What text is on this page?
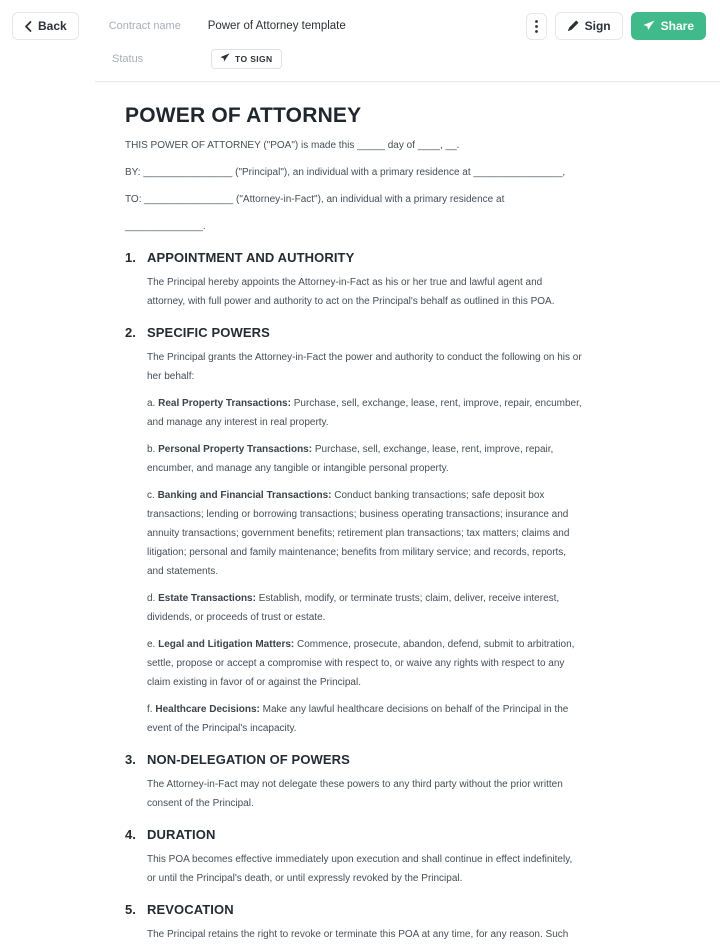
Back	Contract name	Power of Attorney template	Sign	Share
Status	TO SIGN
POWER OF ATTORNEY

THIS POWER OF ATTORNEY ("POA") is made this _____ day of ____, __.

BY: ________________ ("Principal"), an individual with a primary residence at ________________,

TO: ________________ ("Attorney-in-Fact"), an individual with a primary residence at

______________.

1. APPOINTMENT AND AUTHORITY

The Principal hereby appoints the Attorney-in-Fact as his or her true and lawful agent and attorney, with full power and authority to act on the Principal's behalf as outlined in this POA.

2. SPECIFIC POWERS

The Principal grants the Attorney-in-Fact the power and authority to conduct the following on his or her behalf:

a. Real Property Transactions: Purchase, sell, exchange, lease, rent, improve, repair, encumber, and manage any interest in real property.

b. Personal Property Transactions: Purchase, sell, exchange, lease, rent, improve, repair, encumber, and manage any tangible or intangible personal property.

c. Banking and Financial Transactions: Conduct banking transactions; safe deposit box transactions; lending or borrowing transactions; business operating transactions; insurance and annuity transactions; government benefits; retirement plan transactions; tax matters; claims and litigation; personal and family maintenance; benefits from military service; and records, reports, and statements.

d. Estate Transactions: Establish, modify, or terminate trusts; claim, deliver, receive interest, dividends, or proceeds of trust or estate.

e. Legal and Litigation Matters: Commence, prosecute, abandon, defend, submit to arbitration, settle, propose or accept a compromise with respect to, or waive any rights with respect to any claim existing in favor of or against the Principal.

f. Healthcare Decisions: Make any lawful healthcare decisions on behalf of the Principal in the event of the Principal's incapacity.

3. NON-DELEGATION OF POWERS

The Attorney-in-Fact may not delegate these powers to any third party without the prior written consent of the Principal.

4. DURATION

This POA becomes effective immediately upon execution and shall continue in effect indefinitely, or until the Principal's death, or until expressly revoked by the Principal.

5. REVOCATION

The Principal retains the right to revoke or terminate this POA at any time, for any reason. Such
